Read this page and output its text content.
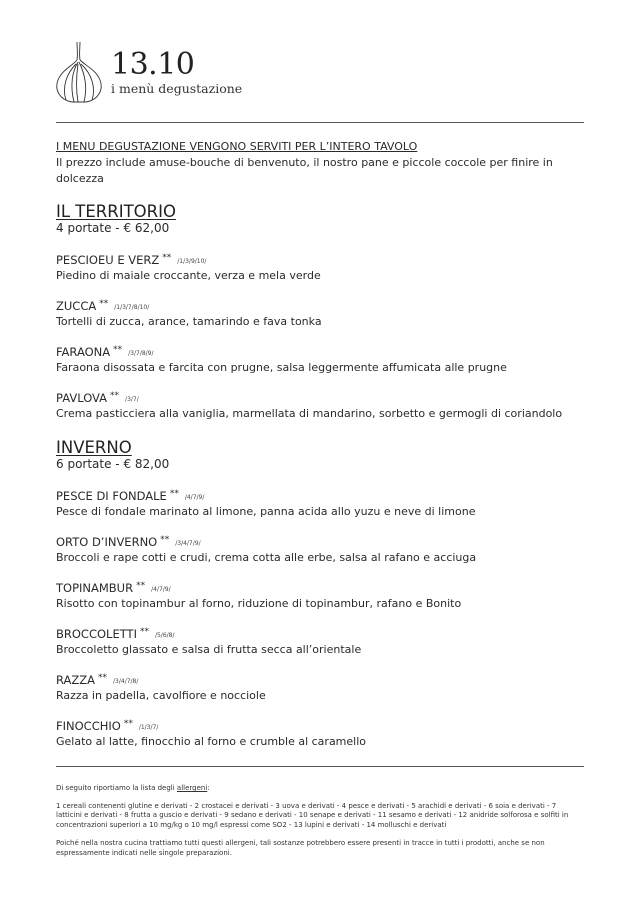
13.10
i menù degustazione
I MENU DEGUSTAZIONE VENGONO SERVITI PER L’INTERO TAVOLO
Il prezzo include amuse-bouche di benvenuto, il nostro pane e piccole coccole per finire in dolcezza
IL TERRITORIO
4 portate - € 62,00
PESCIOEU E VERZ ** /1/3/9/10/
Piedino di maiale croccante, verza e mela verde
ZUCCA ** /1/3/7/8/10/
Tortelli di zucca, arance, tamarindo e fava tonka
FARAONA ** /3/7/8/9/
Faraona disossata e farcita con prugne, salsa leggermente affumicata alle prugne
PAVLOVA ** /3/7/
Crema pasticciera alla vaniglia, marmellata di mandarino, sorbetto e germogli di coriandolo
INVERNO
6 portate - € 82,00
PESCE DI FONDALE ** /4/7/9/
Pesce di fondale marinato al limone, panna acida allo yuzu e neve di limone
ORTO D’INVERNO ** /3/4/7/9/
Broccoli e rape cotti e crudi, crema cotta alle erbe, salsa al rafano e acciuga
TOPINAMBUR ** /4/7/9/
Risotto con topinambur al forno, riduzione di topinambur, rafano e Bonito
BROCCOLETTI ** /5/6/8/
Broccoletto glassato e salsa di frutta secca all’orientale
RAZZA ** /3/4/7/8/
Razza in padella, cavolfiore e nocciole
FINOCCHIO ** /1/3/7/
Gelato al latte, finocchio al forno e crumble al caramello

Di seguito riportiamo la lista degli allergeni:

1 cereali contenenti glutine e derivati - 2 crostacei e derivati - 3 uova e derivati - 4 pesce e derivati - 5 arachidi e derivati - 6 soia e derivati - 7 latticini e derivati - 8 frutta a guscio e derivati - 9 sedano e derivati - 10 senape e derivati - 11 sesamo e derivati - 12 anidride solforosa e solfiti in concentrazioni superiori a 10 mg/kg o 10 mg/l espressi come SO2 - 13 lupini e derivati - 14 molluschi e derivati

Poiché nella nostra cucina trattiamo tutti questi allergeni, tali sostanze potrebbero essere presenti in tracce in tutti i prodotti, anche se non espressamente indicati nelle singole preparazioni.
